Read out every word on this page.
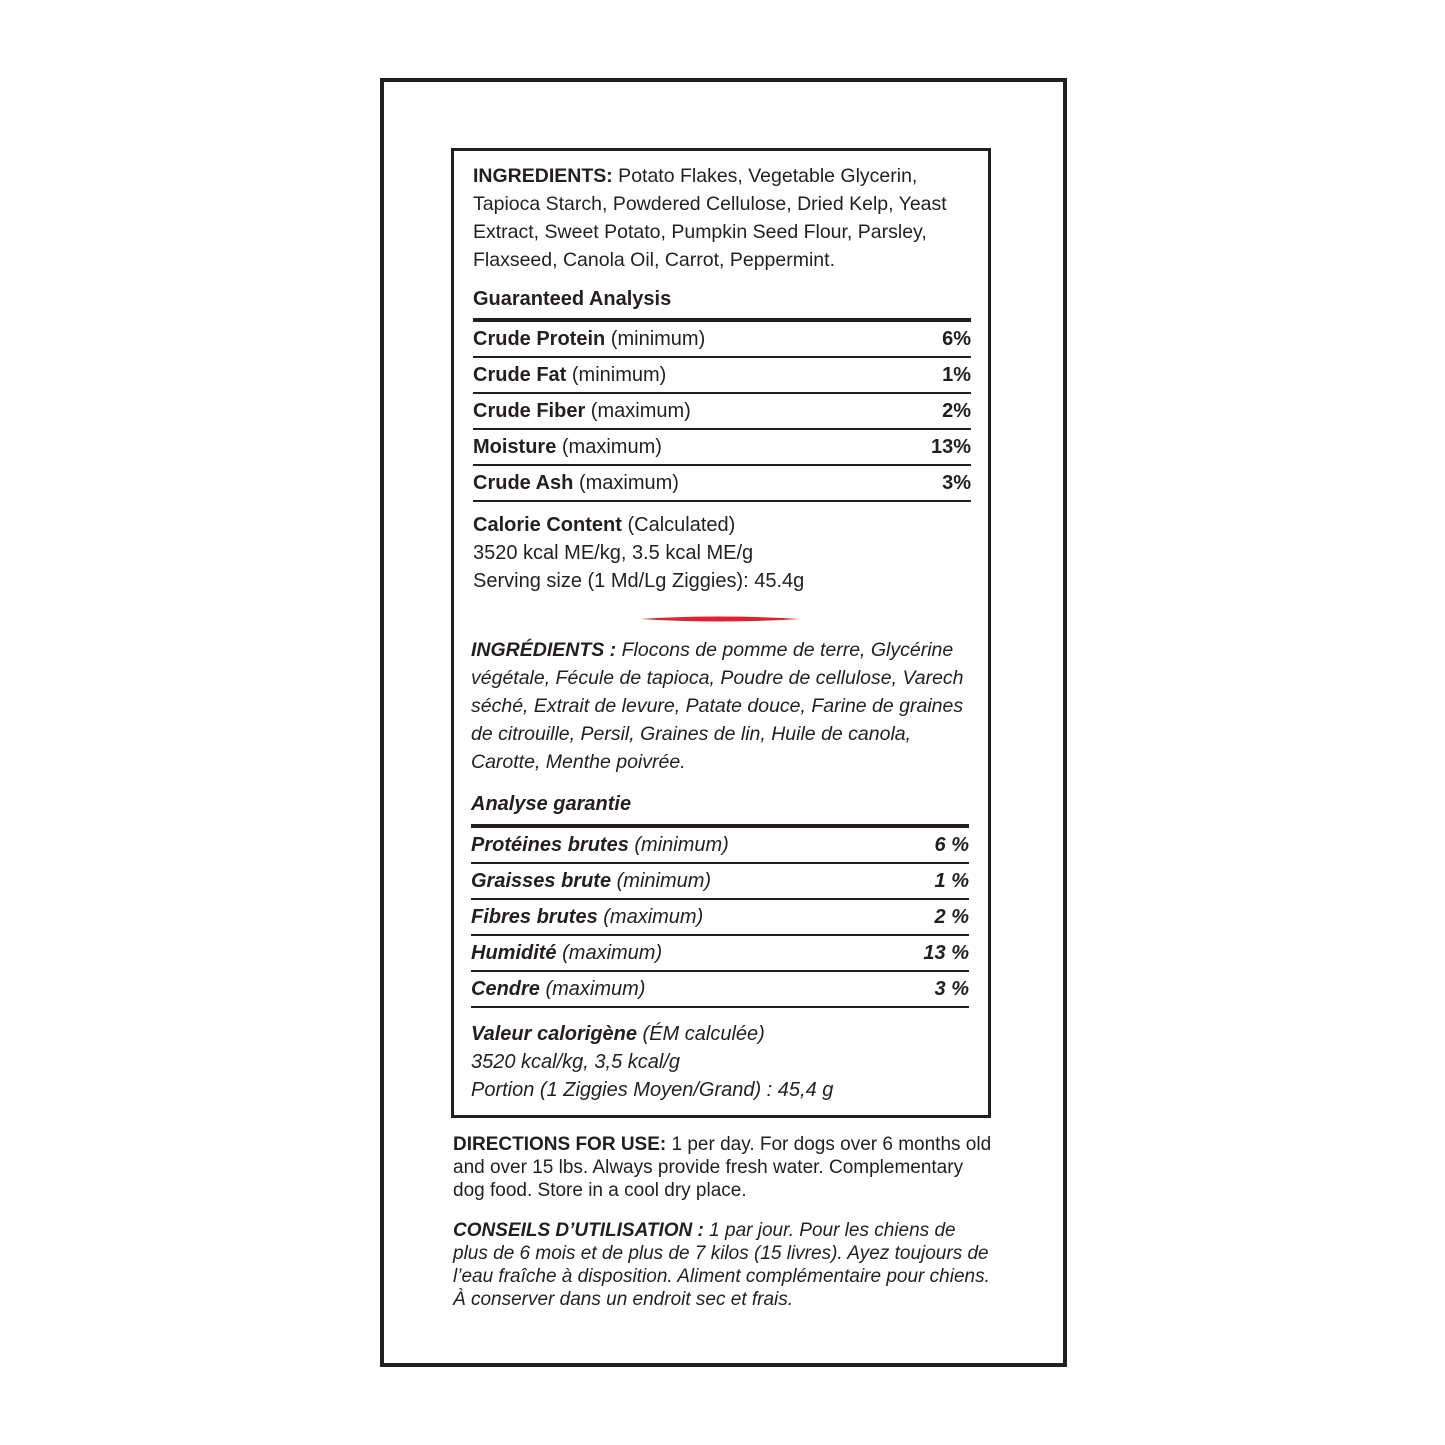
INGREDIENTS: Potato Flakes, Vegetable Glycerin, Tapioca Starch, Powdered Cellulose, Dried Kelp, Yeast Extract, Sweet Potato, Pumpkin Seed Flour, Parsley, Flaxseed, Canola Oil, Carrot, Peppermint.

Guaranteed Analysis

Crude Protein (minimum)	6%
Crude Fat (minimum)	1%
Crude Fiber (maximum)	2%
Moisture (maximum)	13%
Crude Ash (maximum)	3%
Calorie Content (Calculated)
3520 kcal ME/kg, 3.5 kcal ME/g
Serving size (1 Md/Lg Ziggies): 45.4g

INGRÉDIENTS : Flocons de pomme de terre, Glycérine végétale, Fécule de tapioca, Poudre de cellulose, Varech séché, Extrait de levure, Patate douce, Farine de graines de citrouille, Persil, Graines de lin, Huile de canola, Carotte, Menthe poivrée.

Analyse garantie

Protéines brutes (minimum)	6 %
Graisses brute (minimum)	1 %
Fibres brutes (maximum)	2 %
Humidité (maximum)	13 %
Cendre (maximum)	3 %
Valeur calorigène (ÉM calculée)
3520 kcal/kg, 3,5 kcal/g
Portion (1 Ziggies Moyen/Grand) : 45,4 g

DIRECTIONS FOR USE: 1 per day. For dogs over 6 months old and over 15 lbs. Always provide fresh water. Complementary dog food. Store in a cool dry place.

CONSEILS D’UTILISATION : 1 par jour. Pour les chiens de plus de 6 mois et de plus de 7 kilos (15 livres). Ayez toujours de l’eau fraîche à disposition. Aliment complémentaire pour chiens. À conserver dans un endroit sec et frais.
